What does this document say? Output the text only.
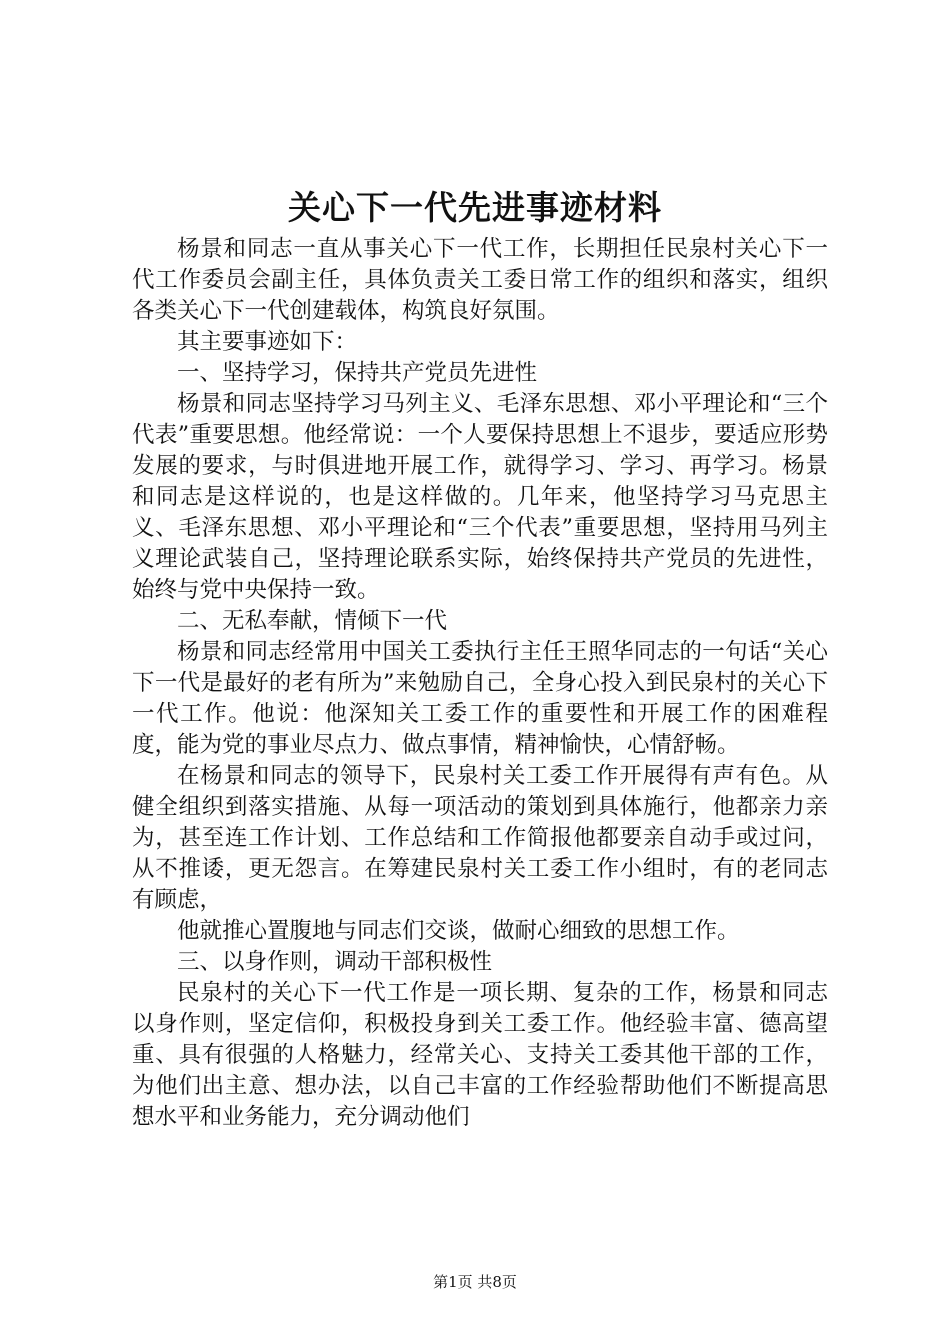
关心下一代先进事迹材料

杨景和同志一直从事关心下一代工作，长期担任民泉村关心下一代工作委员会副主任，具体负责关工委日常工作的组织和落实，组织各类关心下一代创建载体，构筑良好氛围。

其主要事迹如下：

一、坚持学习，保持共产党员先进性

杨景和同志坚持学习马列主义、毛泽东思想、邓小平理论和“三个代表”重要思想。他经常说：一个人要保持思想上不退步，要适应形势发展的要求，与时俱进地开展工作，就得学习、学习、再学习。杨景和同志是这样说的，也是这样做的。几年来，他坚持学习马克思主义、毛泽东思想、邓小平理论和“三个代表”重要思想，坚持用马列主义理论武装自己，坚持理论联系实际，始终保持共产党员的先进性，始终与党中央保持一致。

二、无私奉献，情倾下一代

杨景和同志经常用中国关工委执行主任王照华同志的一句话“关心下一代是最好的老有所为”来勉励自己，全身心投入到民泉村的关心下一代工作。他说：他深知关工委工作的重要性和开展工作的困难程度，能为党的事业尽点力、做点事情，精神愉快，心情舒畅。

在杨景和同志的领导下，民泉村关工委工作开展得有声有色。从健全组织到落实措施、从每一项活动的策划到具体施行，他都亲力亲为，甚至连工作计划、工作总结和工作简报他都要亲自动手或过问，从不推诿，更无怨言。在筹建民泉村关工委工作小组时，有的老同志有顾虑，

他就推心置腹地与同志们交谈，做耐心细致的思想工作。

三、以身作则，调动干部积极性

民泉村的关心下一代工作是一项长期、复杂的工作，杨景和同志以身作则，坚定信仰，积极投身到关工委工作。他经验丰富、德高望重、具有很强的人格魅力，经常关心、支持关工委其他干部的工作，为他们出主意、想办法，以自己丰富的工作经验帮助他们不断提高思想水平和业务能力，充分调动他们

第1页 共8页
